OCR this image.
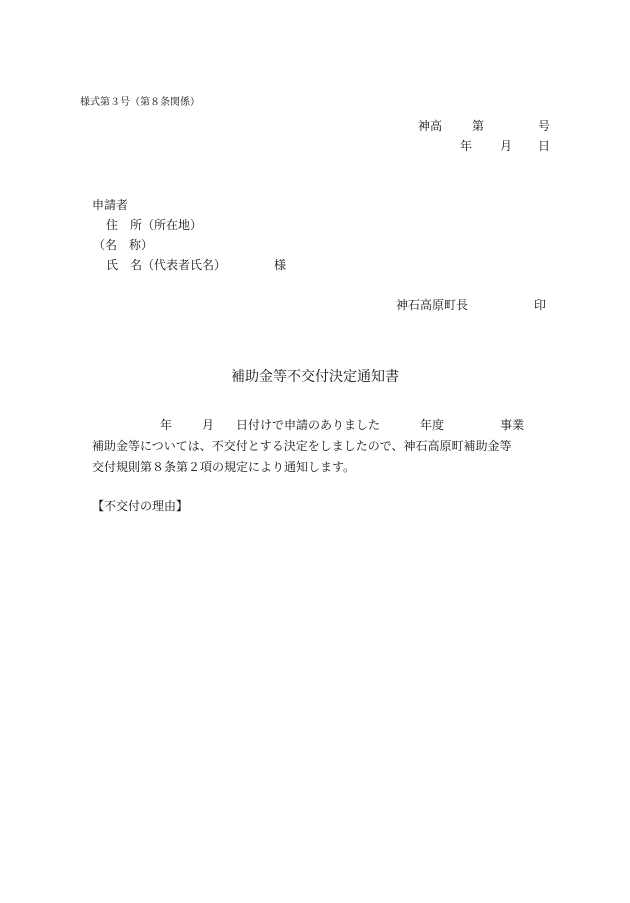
様式第３号（第８条関係）
神高	第	号
年 月 日
申請者
住　所（所在地）
（名　称）
氏　名（代表者氏名）	様
神石高原町長	印
補助金等不交付決定通知書
年	月 日付けで申請のありました	年度	事業
補助金等については、不交付とする決定をしましたので、神石高原町補助金等
交付規則第８条第２項の規定により通知します。
【不交付の理由】
